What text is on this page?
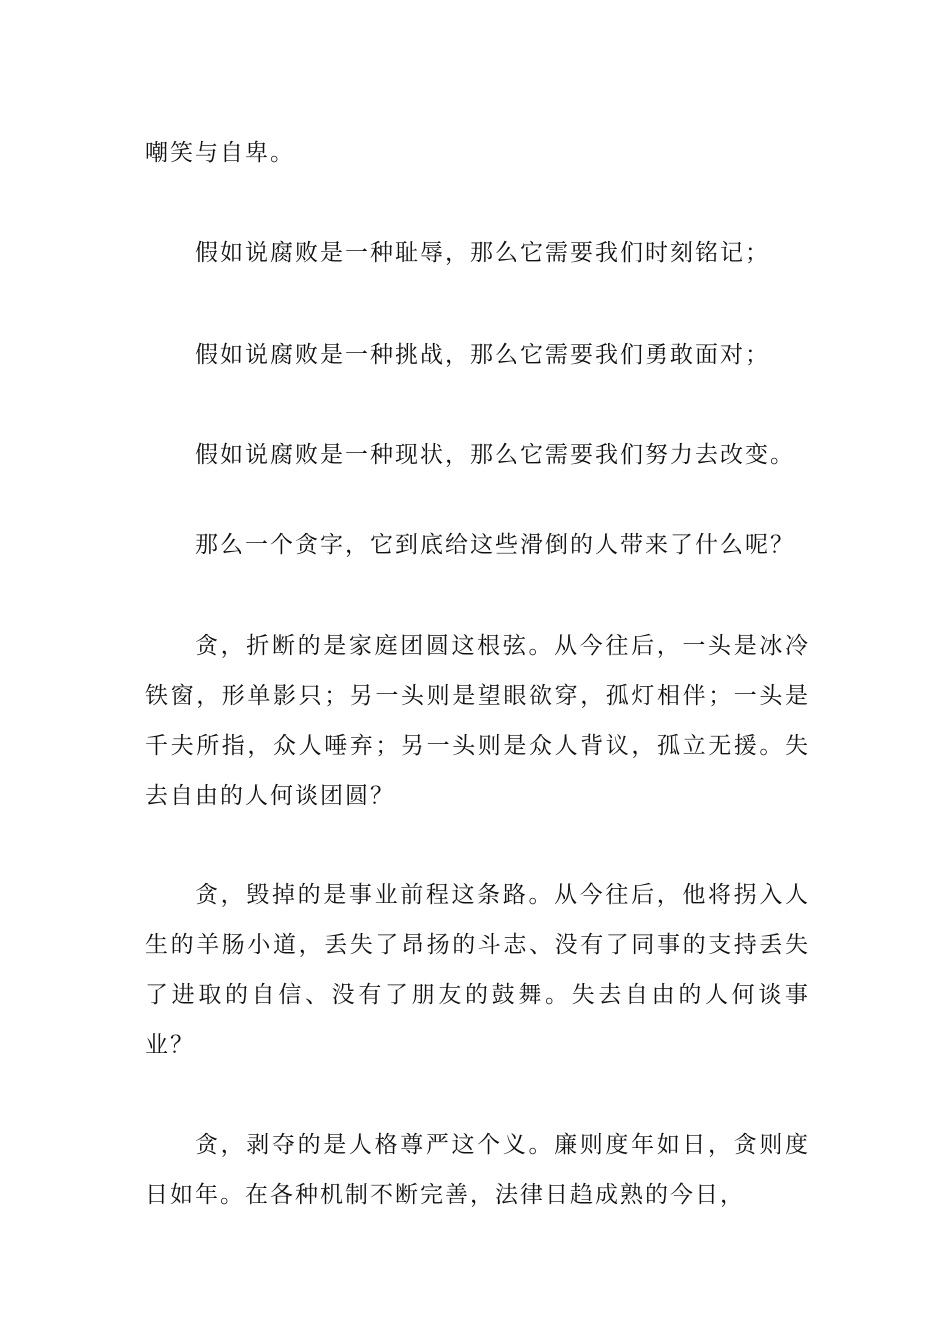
嘲笑与自卑。

假如说腐败是一种耻辱，那么它需要我们时刻铭记；

假如说腐败是一种挑战，那么它需要我们勇敢面对；

假如说腐败是一种现状，那么它需要我们努力去改变。

那么一个贪字，它到底给这些滑倒的人带来了什么呢？

贪，折断的是家庭团圆这根弦。从今往后，一头是冰冷铁窗，形单影只；另一头则是望眼欲穿，孤灯相伴；一头是千夫所指，众人唾弃；另一头则是众人背议，孤立无援。失去自由的人何谈团圆？

贪，毁掉的是事业前程这条路。从今往后，他将拐入人生的羊肠小道，丢失了昂扬的斗志、没有了同事的支持丢失了进取的自信、没有了朋友的鼓舞。失去自由的人何谈事业？

贪，剥夺的是人格尊严这个义。廉则度年如日，贪则度日如年。在各种机制不断完善，法律日趋成熟的今日，
